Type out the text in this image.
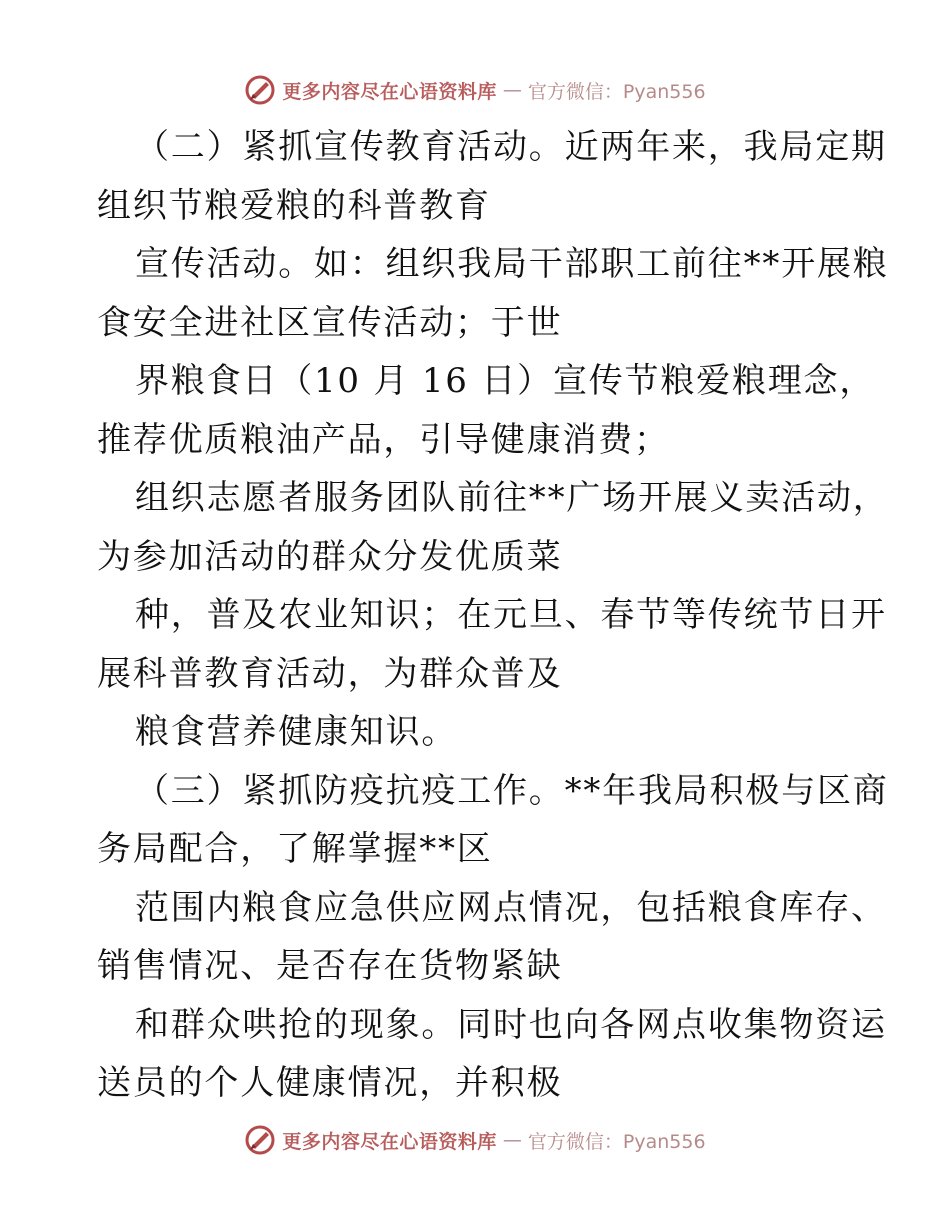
更多内容尽在心语资料库 — 官方微信：Pyan556
（二）紧抓宣传教育活动。近两年来，我局定期
组织节粮爱粮的科普教育
宣传活动。如：组织我局干部职工前往**开展粮
食安全进社区宣传活动；于世
界粮食日（10 月 16 日）宣传节粮爱粮理念，
推荐优质粮油产品，引导健康消费；
组织志愿者服务团队前往**广场开展义卖活动，
为参加活动的群众分发优质菜
种，普及农业知识；在元旦、春节等传统节日开
展科普教育活动，为群众普及
粮食营养健康知识。
（三）紧抓防疫抗疫工作。**年我局积极与区商
务局配合，了解掌握**区
范围内粮食应急供应网点情况，包括粮食库存、
销售情况、是否存在货物紧缺
和群众哄抢的现象。同时也向各网点收集物资运
送员的个人健康情况，并积极
更多内容尽在心语资料库 — 官方微信：Pyan556
